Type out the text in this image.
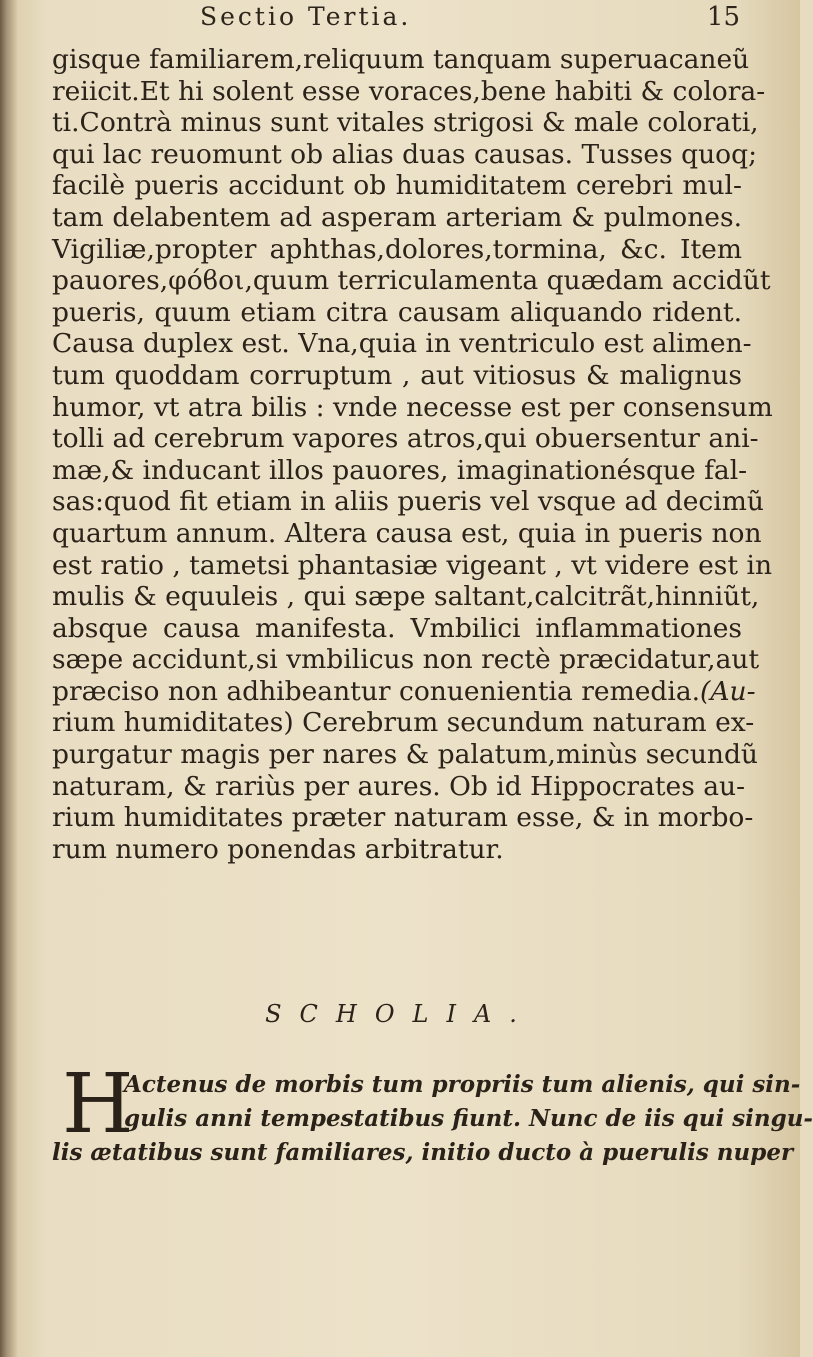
Sectio Tertia.	15
gisque familiarem,reliquum tanquam superuacaneũ
reiicit.Et hi solent esse voraces,bene habiti & colora-
ti.Contrà minus sunt vitales strigosi & male colorati,
qui lac reuomunt ob alias duas causas. Tusses quoq;
facilè pueris accidunt ob humiditatem cerebri mul-
tam delabentem ad asperam arteriam & pulmones.
Vigiliæ,propter aphthas,dolores,tormina, &c. Item
pauores,φόϐοι,quum terriculamenta quædam accidũt
pueris, quum etiam citra causam aliquando rident.
Causa duplex est. Vna,quia in ventriculo est alimen-
tum quoddam corruptum , aut vitiosus & malignus
humor, vt atra bilis : vnde necesse est per consensum
tolli ad cerebrum vapores atros,qui obuersentur ani-
mæ,& inducant illos pauores, imaginationésque fal-
sas:quod fit etiam in aliis pueris vel vsque ad decimũ
quartum annum. Altera causa est, quia in pueris non
est ratio , tametsi phantasiæ vigeant , vt videre est in
mulis & equuleis , qui sæpe saltant,calcitrãt,hinniũt,
absque causa manifesta. Vmbilici inflammationes
sæpe accidunt,si vmbilicus non rectè præcidatur,aut
præciso non adhibeantur conuenientia remedia.(Au-
rium humiditates) Cerebrum secundum naturam ex-
purgatur magis per nares & palatum,minùs secundũ
naturam, & rariùs per aures. Ob id Hippocrates au-
rium humiditates præter naturam esse, & in morbo-
rum numero ponendas arbitratur.
SCHOLIA.
H
Actenus de morbis tum propriis tum alienis, qui sin-
gulis anni tempestatibus fiunt. Nunc de iis qui singu-
lis ætatibus sunt familiares, initio ducto à puerulis nuper
